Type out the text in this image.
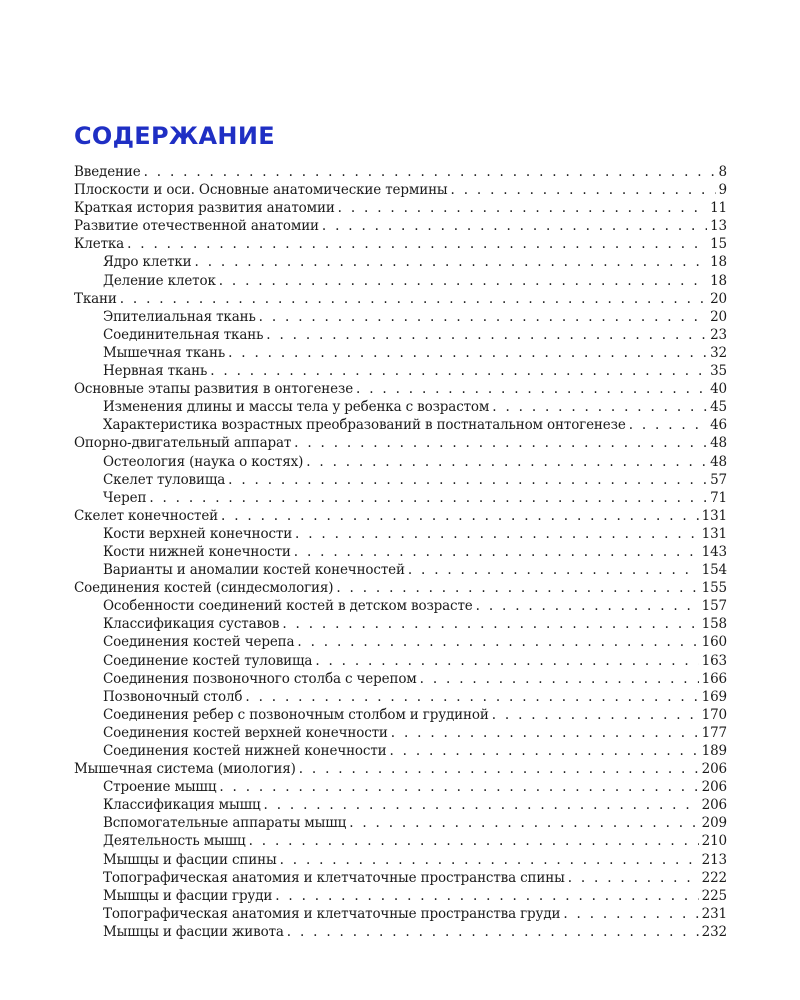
СОДЕРЖАНИЕ
Введение . . .	8
Плоскости и оси. Основные анатомические термины . . .	9
Краткая история развития анатомии . . .	11
Развитие отечественной анатомии . . .	13
Клетка . . .	15
Ядро клетки . . .	18
Деление клеток . . .	18
Ткани . . .	20
Эпителиальная ткань . . .	20
Соединительная ткань . . .	23
Мышечная ткань . . .	32
Нервная ткань . . .	35
Основные этапы развития в онтогенезе . . .	40
Изменения длины и массы тела у ребенка с возрастом . . .	45
Характеристика возрастных преобразований в постнатальном онтогенезе . . .	46
Опорно-двигательный аппарат . . .	48
Остеология (наука о костях) . . .	48
Скелет туловища . . .	57
Череп . . .	71
Скелет конечностей . . .	131
Кости верхней конечности . . .	131
Кости нижней конечности . . .	143
Варианты и аномалии костей конечностей . . .	154
Соединения костей (синдесмология) . . .	155
Особенности соединений костей в детском возрасте . . .	157
Классификация суставов . . .	158
Соединения костей черепа . . .	160
Соединение костей туловища . . .	163
Соединения позвоночного столба с черепом . . .	166
Позвоночный столб . . .	169
Соединения ребер с позвоночным столбом и грудиной . . .	170
Соединения костей верхней конечности . . .	177
Соединения костей нижней конечности . . .	189
Мышечная система (миология) . . .	206
Строение мышц . . .	206
Классификация мышц . . .	206
Вспомогательные аппараты мышц . . .	209
Деятельность мышц . . .	210
Мышцы и фасции спины . . .	213
Топографическая анатомия и клетчаточные пространства спины . . .	222
Мышцы и фасции груди . . .	225
Топографическая анатомия и клетчаточные пространства груди . . .	231
Мышцы и фасции живота . . .	232
